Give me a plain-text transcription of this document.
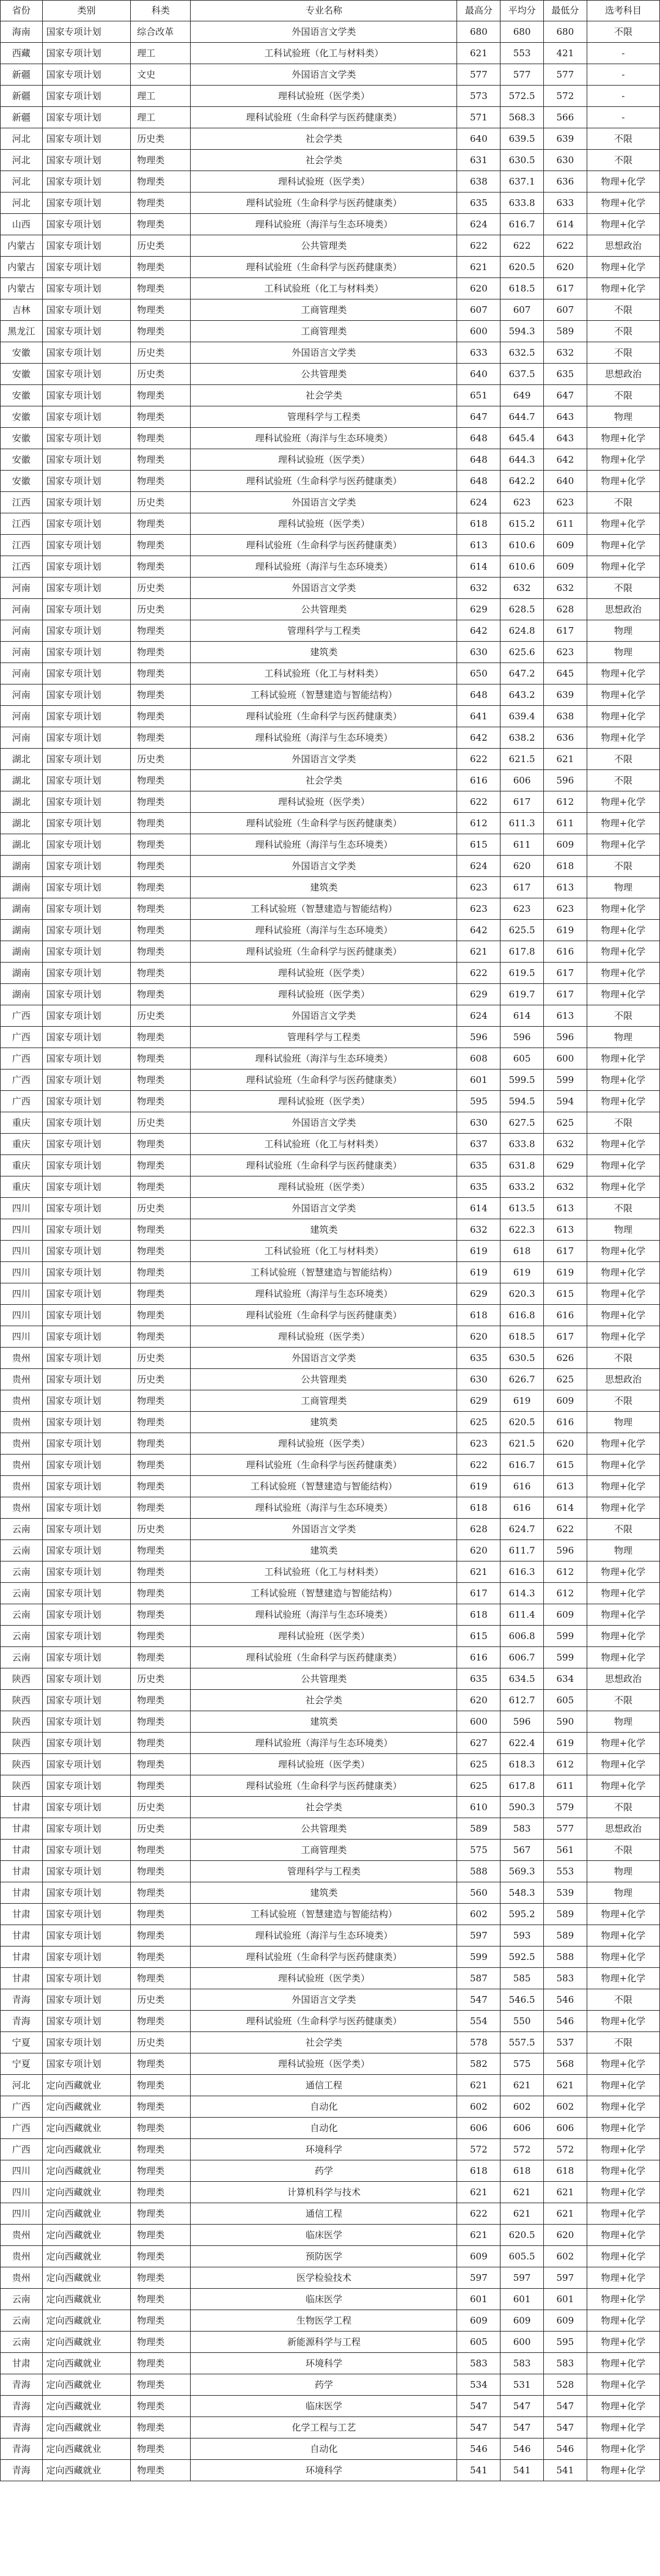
省份	类别	科类	专业名称	最高分	平均分	最低分	选考科目
海南	国家专项计划	综合改革	外国语言文学类	680	680	680	不限
西藏	国家专项计划	理工	工科试验班（化工与材料类）	621	553	421	-
新疆	国家专项计划	文史	外国语言文学类	577	577	577	-
新疆	国家专项计划	理工	理科试验班（医学类）	573	572.5	572	-
新疆	国家专项计划	理工	理科试验班（生命科学与医药健康类）	571	568.3	566	-
河北	国家专项计划	历史类	社会学类	640	639.5	639	不限
河北	国家专项计划	物理类	社会学类	631	630.5	630	不限
河北	国家专项计划	物理类	理科试验班（医学类）	638	637.1	636	物理+化学
河北	国家专项计划	物理类	理科试验班（生命科学与医药健康类）	635	633.8	633	物理+化学
山西	国家专项计划	物理类	理科试验班（海洋与生态环境类）	624	616.7	614	物理+化学
内蒙古	国家专项计划	历史类	公共管理类	622	622	622	思想政治
内蒙古	国家专项计划	物理类	理科试验班（生命科学与医药健康类）	621	620.5	620	物理+化学
内蒙古	国家专项计划	物理类	工科试验班（化工与材料类）	620	618.5	617	物理+化学
吉林	国家专项计划	物理类	工商管理类	607	607	607	不限
黑龙江	国家专项计划	物理类	工商管理类	600	594.3	589	不限
安徽	国家专项计划	历史类	外国语言文学类	633	632.5	632	不限
安徽	国家专项计划	历史类	公共管理类	640	637.5	635	思想政治
安徽	国家专项计划	物理类	社会学类	651	649	647	不限
安徽	国家专项计划	物理类	管理科学与工程类	647	644.7	643	物理
安徽	国家专项计划	物理类	理科试验班（海洋与生态环境类）	648	645.4	643	物理+化学
安徽	国家专项计划	物理类	理科试验班（医学类）	648	644.3	642	物理+化学
安徽	国家专项计划	物理类	理科试验班（生命科学与医药健康类）	648	642.2	640	物理+化学
江西	国家专项计划	历史类	外国语言文学类	624	623	623	不限
江西	国家专项计划	物理类	理科试验班（医学类）	618	615.2	611	物理+化学
江西	国家专项计划	物理类	理科试验班（生命科学与医药健康类）	613	610.6	609	物理+化学
江西	国家专项计划	物理类	理科试验班（海洋与生态环境类）	614	610.6	609	物理+化学
河南	国家专项计划	历史类	外国语言文学类	632	632	632	不限
河南	国家专项计划	历史类	公共管理类	629	628.5	628	思想政治
河南	国家专项计划	物理类	管理科学与工程类	642	624.8	617	物理
河南	国家专项计划	物理类	建筑类	630	625.6	623	物理
河南	国家专项计划	物理类	工科试验班（化工与材料类）	650	647.2	645	物理+化学
河南	国家专项计划	物理类	工科试验班（智慧建造与智能结构）	648	643.2	639	物理+化学
河南	国家专项计划	物理类	理科试验班（生命科学与医药健康类）	641	639.4	638	物理+化学
河南	国家专项计划	物理类	理科试验班（海洋与生态环境类）	642	638.2	636	物理+化学
湖北	国家专项计划	历史类	外国语言文学类	622	621.5	621	不限
湖北	国家专项计划	物理类	社会学类	616	606	596	不限
湖北	国家专项计划	物理类	理科试验班（医学类）	622	617	612	物理+化学
湖北	国家专项计划	物理类	理科试验班（生命科学与医药健康类）	612	611.3	611	物理+化学
湖北	国家专项计划	物理类	理科试验班（海洋与生态环境类）	615	611	609	物理+化学
湖南	国家专项计划	物理类	外国语言文学类	624	620	618	不限
湖南	国家专项计划	物理类	建筑类	623	617	613	物理
湖南	国家专项计划	物理类	工科试验班（智慧建造与智能结构）	623	623	623	物理+化学
湖南	国家专项计划	物理类	理科试验班（海洋与生态环境类）	642	625.5	619	物理+化学
湖南	国家专项计划	物理类	理科试验班（生命科学与医药健康类）	621	617.8	616	物理+化学
湖南	国家专项计划	物理类	理科试验班（医学类）	622	619.5	617	物理+化学
湖南	国家专项计划	物理类	理科试验班（医学类）	629	619.7	617	物理+化学
广西	国家专项计划	历史类	外国语言文学类	624	614	613	不限
广西	国家专项计划	物理类	管理科学与工程类	596	596	596	物理
广西	国家专项计划	物理类	理科试验班（海洋与生态环境类）	608	605	600	物理+化学
广西	国家专项计划	物理类	理科试验班（生命科学与医药健康类）	601	599.5	599	物理+化学
广西	国家专项计划	物理类	理科试验班（医学类）	595	594.5	594	物理+化学
重庆	国家专项计划	历史类	外国语言文学类	630	627.5	625	不限
重庆	国家专项计划	物理类	工科试验班（化工与材料类）	637	633.8	632	物理+化学
重庆	国家专项计划	物理类	理科试验班（生命科学与医药健康类）	635	631.8	629	物理+化学
重庆	国家专项计划	物理类	理科试验班（医学类）	635	633.2	632	物理+化学
四川	国家专项计划	历史类	外国语言文学类	614	613.5	613	不限
四川	国家专项计划	物理类	建筑类	632	622.3	613	物理
四川	国家专项计划	物理类	工科试验班（化工与材料类）	619	618	617	物理+化学
四川	国家专项计划	物理类	工科试验班（智慧建造与智能结构）	619	619	619	物理+化学
四川	国家专项计划	物理类	理科试验班（海洋与生态环境类）	629	620.3	615	物理+化学
四川	国家专项计划	物理类	理科试验班（生命科学与医药健康类）	618	616.8	616	物理+化学
四川	国家专项计划	物理类	理科试验班（医学类）	620	618.5	617	物理+化学
贵州	国家专项计划	历史类	外国语言文学类	635	630.5	626	不限
贵州	国家专项计划	历史类	公共管理类	630	626.7	625	思想政治
贵州	国家专项计划	物理类	工商管理类	629	619	609	不限
贵州	国家专项计划	物理类	建筑类	625	620.5	616	物理
贵州	国家专项计划	物理类	理科试验班（医学类）	623	621.5	620	物理+化学
贵州	国家专项计划	物理类	理科试验班（生命科学与医药健康类）	622	616.7	615	物理+化学
贵州	国家专项计划	物理类	工科试验班（智慧建造与智能结构）	619	616	613	物理+化学
贵州	国家专项计划	物理类	理科试验班（海洋与生态环境类）	618	616	614	物理+化学
云南	国家专项计划	历史类	外国语言文学类	628	624.7	622	不限
云南	国家专项计划	物理类	建筑类	620	611.7	596	物理
云南	国家专项计划	物理类	工科试验班（化工与材料类）	621	616.3	612	物理+化学
云南	国家专项计划	物理类	工科试验班（智慧建造与智能结构）	617	614.3	612	物理+化学
云南	国家专项计划	物理类	理科试验班（海洋与生态环境类）	618	611.4	609	物理+化学
云南	国家专项计划	物理类	理科试验班（医学类）	615	606.8	599	物理+化学
云南	国家专项计划	物理类	理科试验班（生命科学与医药健康类）	616	606.7	599	物理+化学
陕西	国家专项计划	历史类	公共管理类	635	634.5	634	思想政治
陕西	国家专项计划	物理类	社会学类	620	612.7	605	不限
陕西	国家专项计划	物理类	建筑类	600	596	590	物理
陕西	国家专项计划	物理类	理科试验班（海洋与生态环境类）	627	622.4	619	物理+化学
陕西	国家专项计划	物理类	理科试验班（医学类）	625	618.3	612	物理+化学
陕西	国家专项计划	物理类	理科试验班（生命科学与医药健康类）	625	617.8	611	物理+化学
甘肃	国家专项计划	历史类	社会学类	610	590.3	579	不限
甘肃	国家专项计划	历史类	公共管理类	589	583	577	思想政治
甘肃	国家专项计划	物理类	工商管理类	575	567	561	不限
甘肃	国家专项计划	物理类	管理科学与工程类	588	569.3	553	物理
甘肃	国家专项计划	物理类	建筑类	560	548.3	539	物理
甘肃	国家专项计划	物理类	工科试验班（智慧建造与智能结构）	602	595.2	589	物理+化学
甘肃	国家专项计划	物理类	理科试验班（海洋与生态环境类）	597	593	589	物理+化学
甘肃	国家专项计划	物理类	理科试验班（生命科学与医药健康类）	599	592.5	588	物理+化学
甘肃	国家专项计划	物理类	理科试验班（医学类）	587	585	583	物理+化学
青海	国家专项计划	历史类	外国语言文学类	547	546.5	546	不限
青海	国家专项计划	物理类	理科试验班（生命科学与医药健康类）	554	550	546	物理+化学
宁夏	国家专项计划	历史类	社会学类	578	557.5	537	不限
宁夏	国家专项计划	物理类	理科试验班（医学类）	582	575	568	物理+化学
河北	定向西藏就业	物理类	通信工程	621	621	621	物理+化学
广西	定向西藏就业	物理类	自动化	602	602	602	物理+化学
广西	定向西藏就业	物理类	自动化	606	606	606	物理+化学
广西	定向西藏就业	物理类	环境科学	572	572	572	物理+化学
四川	定向西藏就业	物理类	药学	618	618	618	物理+化学
四川	定向西藏就业	物理类	计算机科学与技术	621	621	621	物理+化学
四川	定向西藏就业	物理类	通信工程	622	621	621	物理+化学
贵州	定向西藏就业	物理类	临床医学	621	620.5	620	物理+化学
贵州	定向西藏就业	物理类	预防医学	609	605.5	602	物理+化学
贵州	定向西藏就业	物理类	医学检验技术	597	597	597	物理+化学
云南	定向西藏就业	物理类	临床医学	601	601	601	物理+化学
云南	定向西藏就业	物理类	生物医学工程	609	609	609	物理+化学
云南	定向西藏就业	物理类	新能源科学与工程	605	600	595	物理+化学
甘肃	定向西藏就业	物理类	环境科学	583	583	583	物理+化学
青海	定向西藏就业	物理类	药学	534	531	528	物理+化学
青海	定向西藏就业	物理类	临床医学	547	547	547	物理+化学
青海	定向西藏就业	物理类	化学工程与工艺	547	547	547	物理+化学
青海	定向西藏就业	物理类	自动化	546	546	546	物理+化学
青海	定向西藏就业	物理类	环境科学	541	541	541	物理+化学
